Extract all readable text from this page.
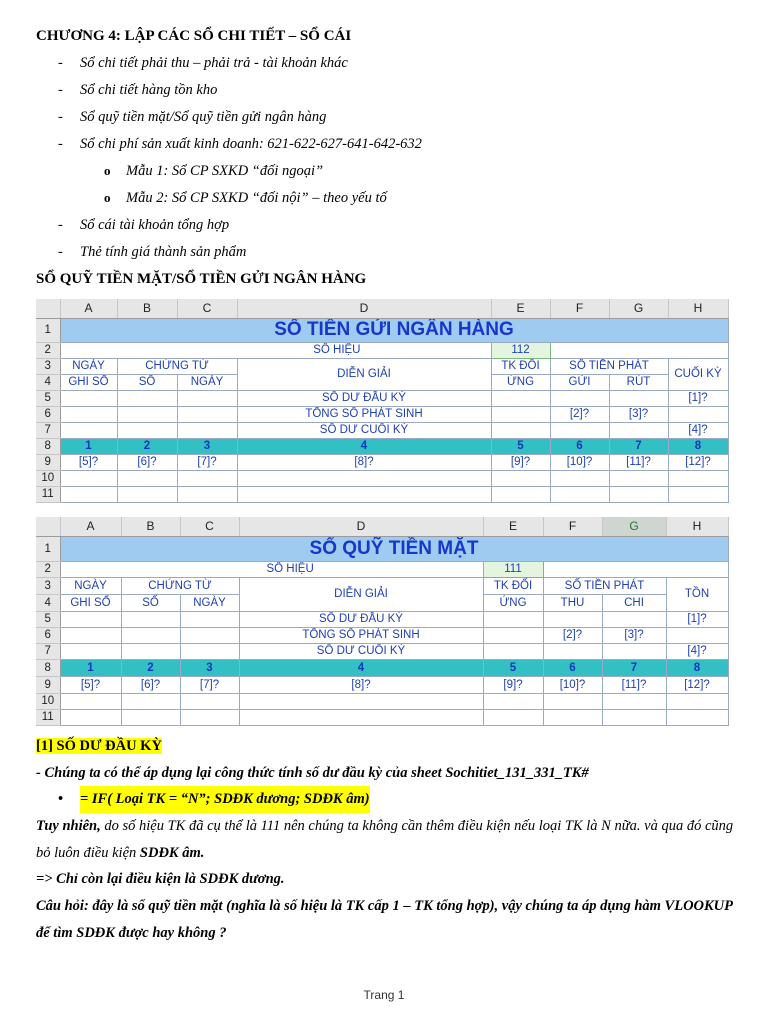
CHƯƠNG 4: LẬP CÁC SỔ CHI TIẾT – SỔ CÁI
- Sổ chi tiết phải thu – phải trả - tài khoản khác
- Sổ chi tiết hàng tồn kho
- Sổ quỹ tiền mặt/Sổ quỹ tiền gửi ngân hàng
- Sổ chi phí sản xuất kinh doanh: 621-622-627-641-642-632
o Mẫu 1: Sổ CP SXKD “đối ngoại”
o Mẫu 2: Sổ CP SXKD “đối nội” – theo yếu tố
- Sổ cái tài khoản tổng hợp
- Thẻ tính giá thành sản phẩm
SỔ QUỸ TIỀN MẶT/SỔ TIỀN GỬI NGÂN HÀNG
	A	B	C	D	E	F	G	H
1	SỔ TIỀN GỬI NGÂN HÀNG							
2	SỐ HIỆU				112			
3	NGÀY	CHỨNG TỪ		DIỄN GIẢI	TK ĐỐI	SỐ TIỀN PHÁT		CUỐI KỲ
4	GHI SỔ	SỐ	NGÀY		ỨNG	GỬI	RÚT	
5				SỐ DƯ ĐẦU KỲ				[1]?
6				TỔNG SỐ PHÁT SINH		[2]?	[3]?	
7				SỐ DƯ CUỐI KỲ				[4]?
8	1	2	3	4	5	6	7	8
9	[5]?	[6]?	[7]?	[8]?	[9]?	[10]?	[11]?	[12]?
10								
11								
	A	B	C	D	E	F	G	H
1	SỔ QUỸ TIỀN MẶT							
2	SỐ HIỆU				111			
3	NGÀY	CHỨNG TỪ		DIỄN GIẢI	TK ĐỐI	SỐ TIỀN PHÁT		TỒN
4	GHI SỔ	SỐ	NGÀY		ỨNG	THU	CHI	
5				SỐ DƯ ĐẦU KỲ				[1]?
6				TỔNG SỐ PHÁT SINH		[2]?	[3]?	
7				SỐ DƯ CUỐI KỲ				[4]?
8	1	2	3	4	5	6	7	8
9	[5]?	[6]?	[7]?	[8]?	[9]?	[10]?	[11]?	[12]?
10								
11								
[1] SỐ DƯ ĐẦU KỲ
- Chúng ta có thể áp dụng lại công thức tính số dư đầu kỳ của sheet Sochitiet_131_331_TK#
• = IF( Loại TK = “N”; SDĐK dương; SDĐK âm)
Tuy nhiên, do số hiệu TK đã cụ thể là 111 nên chúng ta không cần thêm điều kiện nếu loại TK là N nữa. và qua đó cũng bỏ luôn điều kiện SDĐK âm.
=> Chỉ còn lại điều kiện là SDĐK dương.
Câu hỏi: đây là sổ quỹ tiền mặt (nghĩa là số hiệu là TK cấp 1 – TK tổng hợp), vậy chúng ta áp dụng hàm VLOOKUP để tìm SDĐK được hay không ?
Trang 1
